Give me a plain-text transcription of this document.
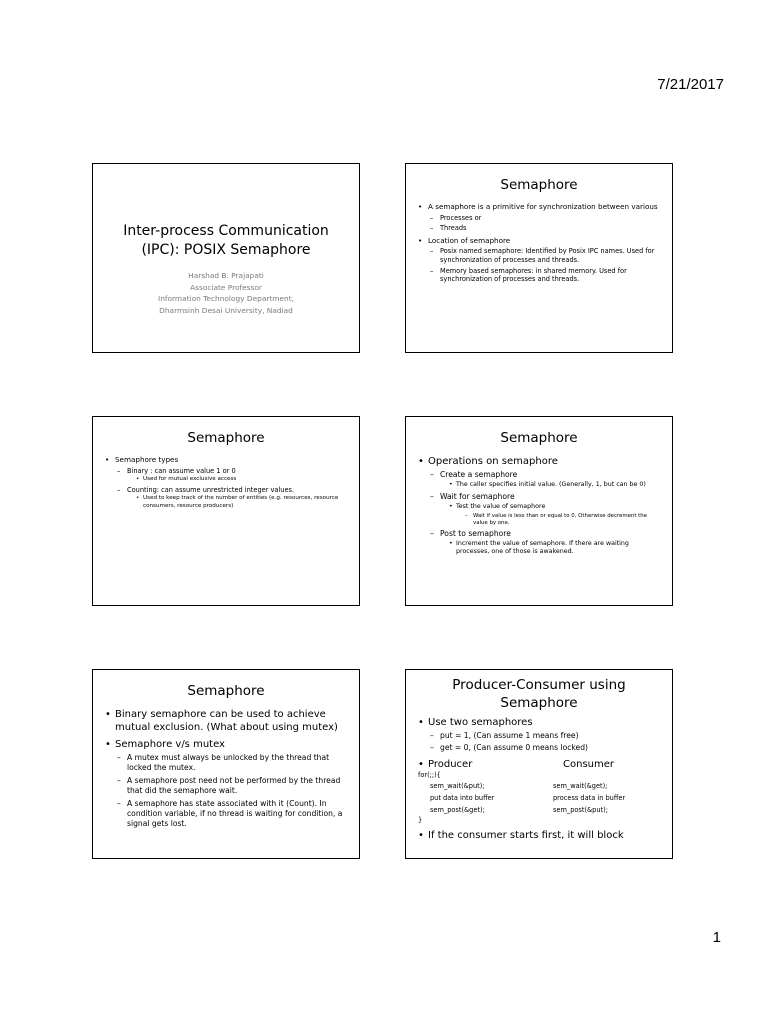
7/21/2017
Inter-process Communication
(IPC): POSIX Semaphore
Harshad B. Prajapati
Associate Professor
Information Technology Department,
Dharmsinh Desai University, Nadiad
Semaphore
• A semaphore is a primitive for synchronization between various
– Processes or
– Threads
• Location of semaphore
– Posix named semaphore: Identified by Posix IPC names. Used for synchronization of processes and threads.
– Memory based semaphores: in shared memory. Used for synchronization of processes and threads.
Semaphore
• Semaphore types
– Binary : can assume value 1 or 0
• Used for mutual exclusive access
– Counting: can assume unrestricted integer values.
• Used to keep track of the number of entities (e.g. resources, resource consumers, resource producers)
Semaphore
• Operations on semaphore
– Create a semaphore
• The caller specifies initial value. (Generally, 1, but can be 0)
– Wait for semaphore
• Test the value of semaphore
– Wait if value is less than or equal to 0, Otherwise decrement the value by one.
– Post to semaphore
• Increment the value of semaphore. If there are waiting processes, one of those is awakened.
Semaphore
• Binary semaphore can be used to achieve mutual exclusion. (What about using mutex)
• Semaphore v/s mutex
– A mutex must always be unlocked by the thread that locked the mutex.
– A semaphore post need not be performed by the thread that did the semaphore wait.
– A semaphore has state associated with it (Count). In condition variable, if no thread is waiting for condition, a signal gets lost.
Producer-Consumer using
Semaphore
• Use two semaphores
– put = 1, (Can assume 1 means free)
– get = 0, (Can assume 0 means locked)
• Producer	Consumer
for(;;){
sem_wait(&put);	sem_wait(&get);
put data into buffer	process data in buffer
sem_post(&get);	sem_post(&put);
}
• If the consumer starts first, it will block
1
